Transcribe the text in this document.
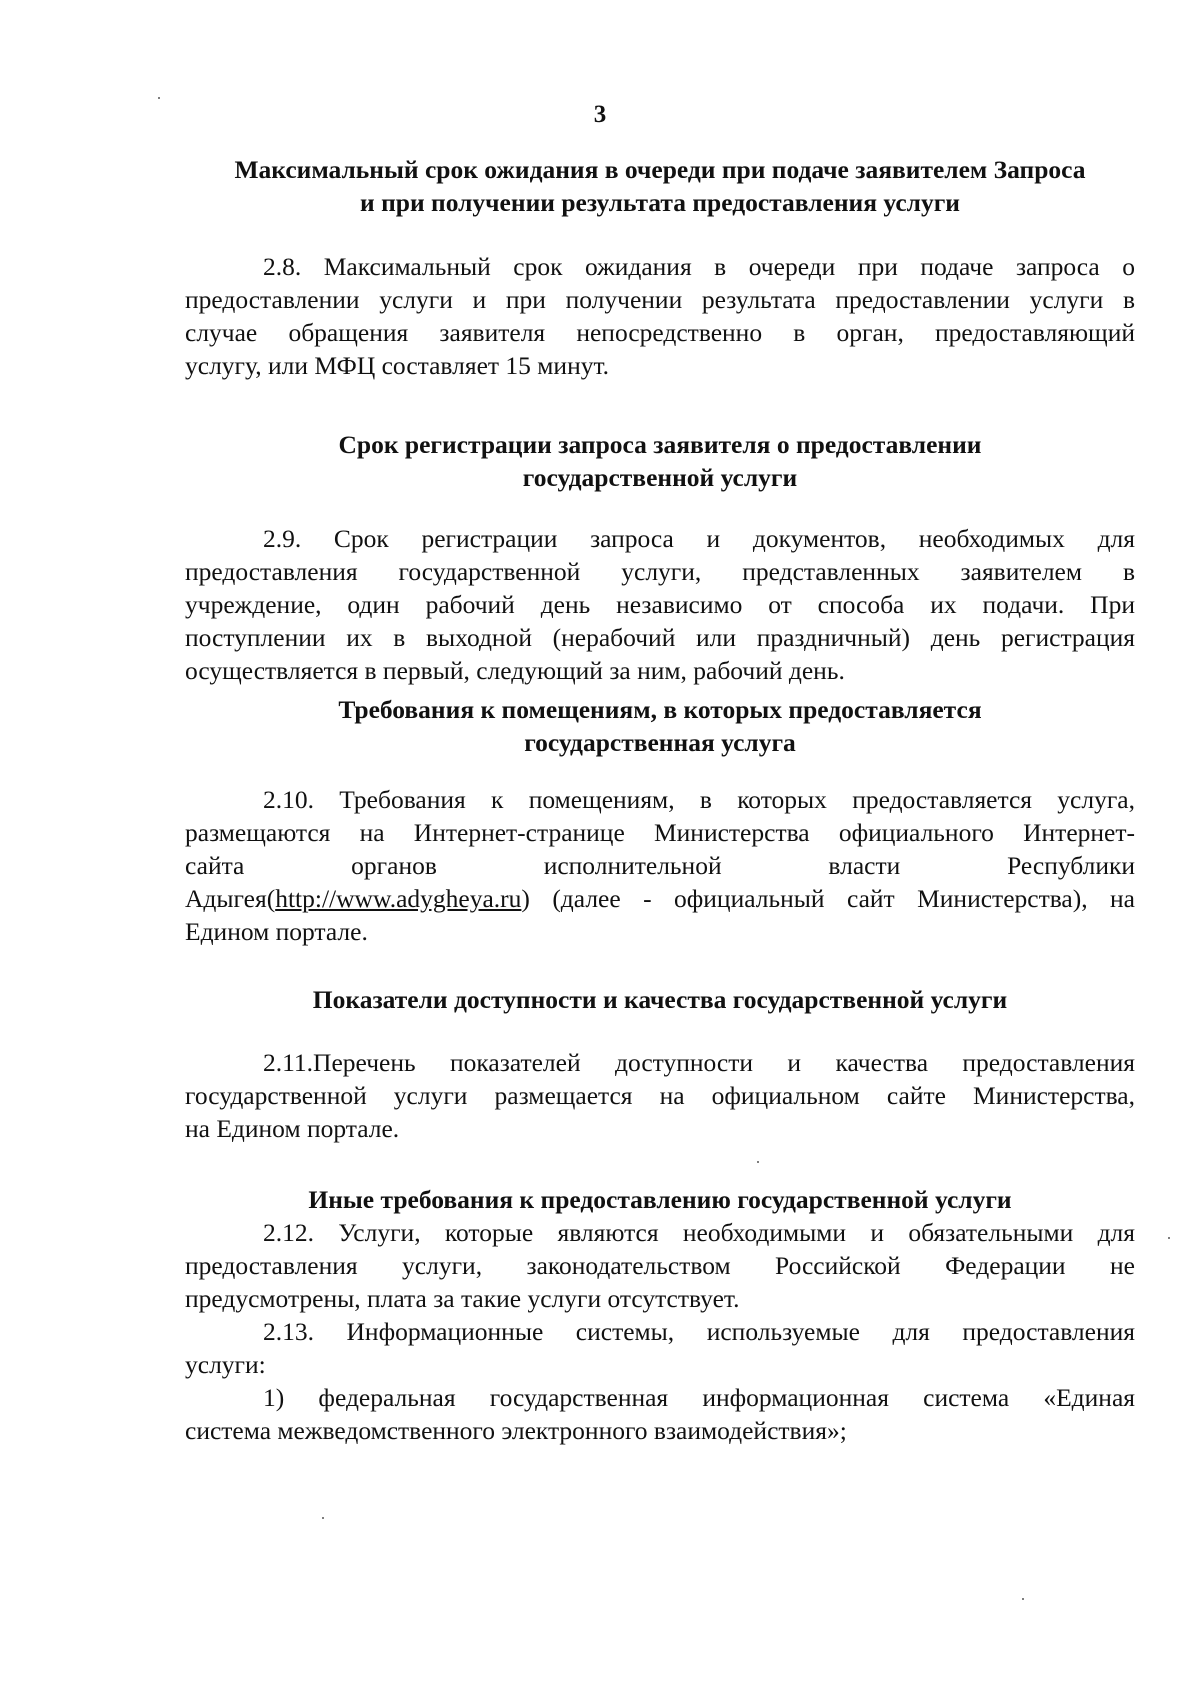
3
Максимальный срок ожидания в очереди при подаче заявителем Запроса
и при получении результата предоставления услуги

2.8. Максимальный срок ожидания в очереди при подаче запроса о
предоставлении услуги и при получении результата предоставлении услуги в
случае обращения заявителя непосредственно в орган, предоставляющий
услугу, или МФЦ составляет 15 минут.

Срок регистрации запроса заявителя о предоставлении
государственной услуги

2.9. Срок регистрации запроса и документов, необходимых для
предоставления государственной услуги, представленных заявителем в
учреждение, один рабочий день независимо от способа их подачи. При
поступлении их в выходной (нерабочий или праздничный) день регистрация
осуществляется в первый, следующий за ним, рабочий день.

Требования к помещениям, в которых предоставляется
государственная услуга

2.10. Требования к помещениям, в которых предоставляется услуга,
размещаются на Интернет-странице Министерства официального Интернет-
сайта органов исполнительной власти Республики
Адыгея(http://www.adygheya.ru) (далее - официальный сайт Министерства), на
Едином портале.

Показатели доступности и качества государственной услуги

2.11.Перечень показателей доступности и качества предоставления
государственной услуги размещается на официальном сайте Министерства,
на Едином портале.

Иные требования к предоставлению государственной услуги

2.12. Услуги, которые являются необходимыми и обязательными для
предоставления услуги, законодательством Российской Федерации не
предусмотрены, плата за такие услуги отсутствует.

2.13. Информационные системы, используемые для предоставления
услуги:

1) федеральная государственная информационная система «Единая
система межведомственного электронного взаимодействия»;
